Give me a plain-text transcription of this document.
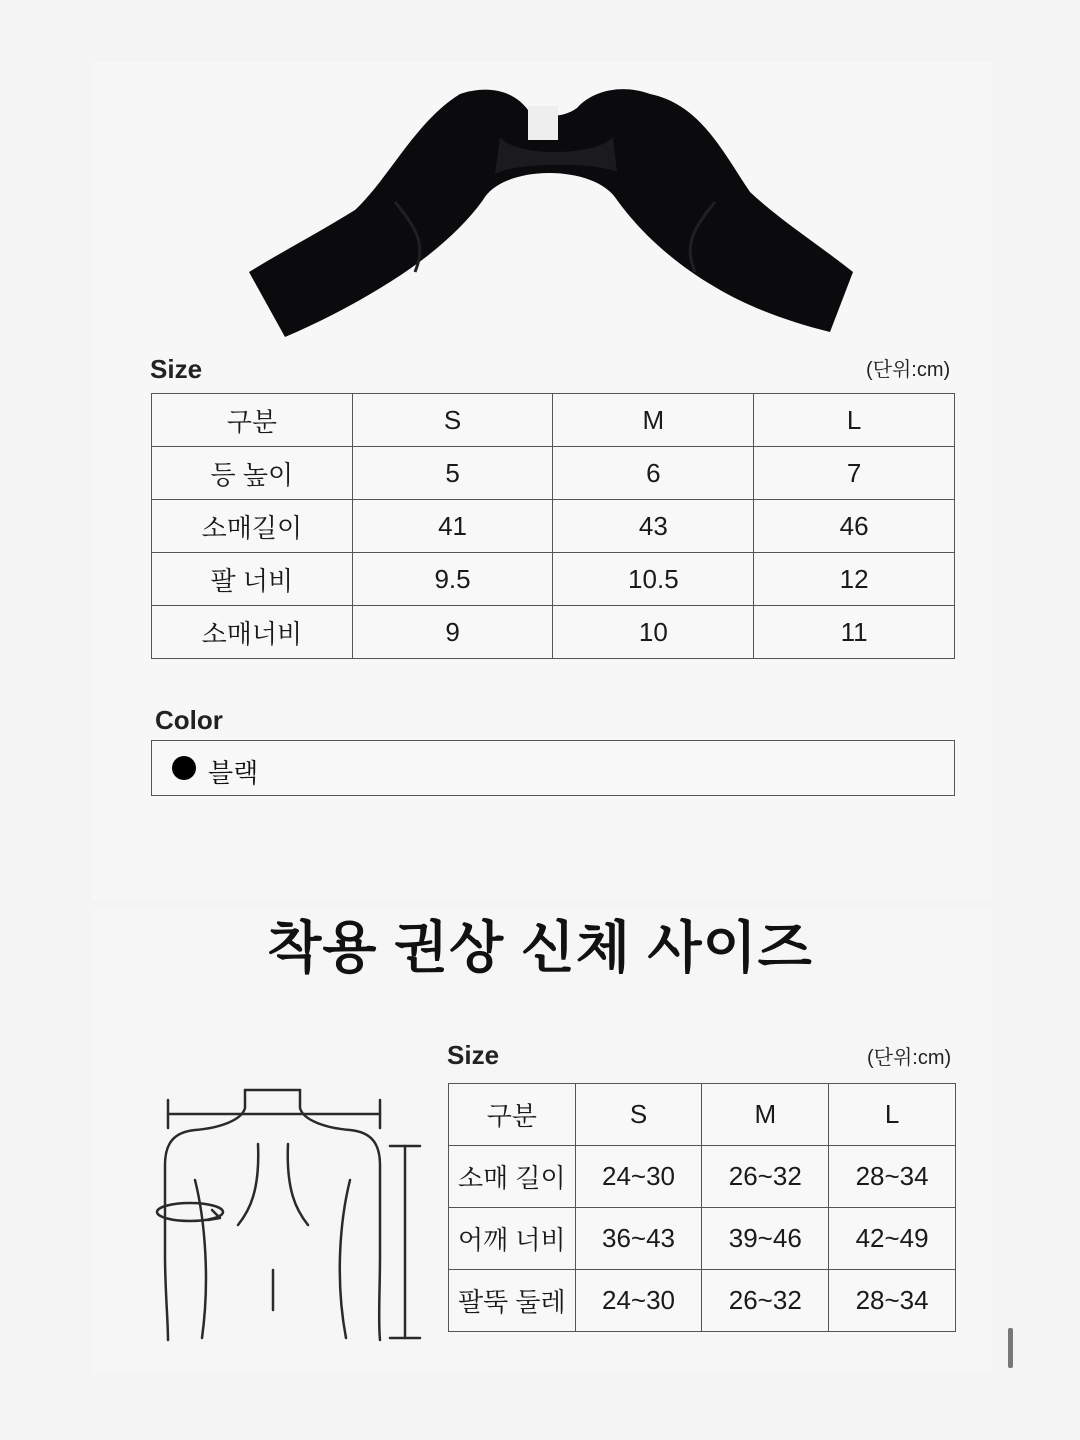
Size	(단위:cm)
구분	S	M	L
등 높이	5	6	7
소매길이	41	43	46
팔 너비	9.5	10.5	12
소매너비	9	10	11
Color
블랙
착용 권상 신체 사이즈
Size	(단위:cm)
구분	S	M	L
소매 길이	24~30	26~32	28~34
어깨 너비	36~43	39~46	42~49
팔뚝 둘레	24~30	26~32	28~34
